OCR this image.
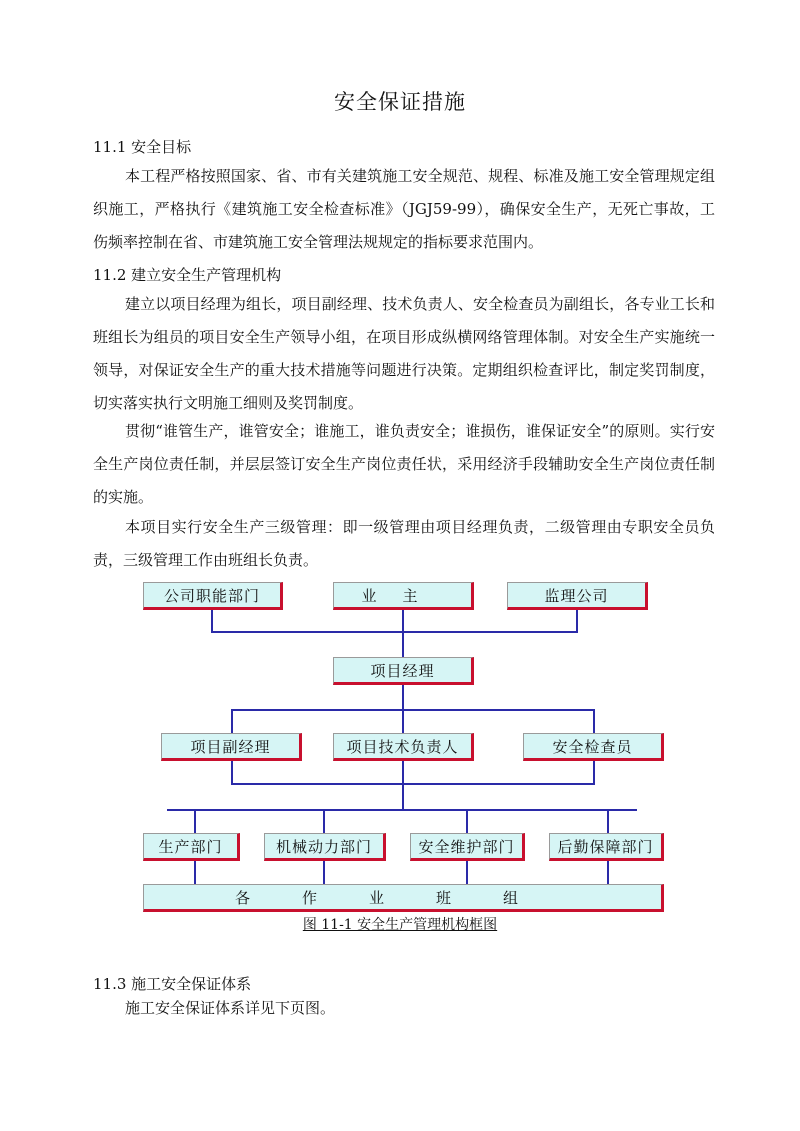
安全保证措施
11.1 安全目标
本工程严格按照国家、省、市有关建筑施工安全规范、规程、标准及施工安全管理规定组织施工，严格执行《建筑施工安全检查标准》（JGJ59-99），确保安全生产，无死亡事故，工伤频率控制在省、市建筑施工安全管理法规规定的指标要求范围内。
11.2 建立安全生产管理机构
建立以项目经理为组长，项目副经理、技术负责人、安全检查员为副组长，各专业工长和班组长为组员的项目安全生产领导小组，在项目形成纵横网络管理体制。对安全生产实施统一领导，对保证安全生产的重大技术措施等问题进行决策。定期组织检查评比，制定奖罚制度，切实落实执行文明施工细则及奖罚制度。
贯彻“谁管生产，谁管安全；谁施工，谁负责安全；谁损伤，谁保证安全”的原则。实行安全生产岗位责任制，并层层签订安全生产岗位责任状，采用经济手段辅助安全生产岗位责任制的实施。
本项目实行安全生产三级管理：即一级管理由项目经理负责，二级管理由专职安全员负责，三级管理工作由班组长负责。
公司职能部门	业主	监理公司
项目经理
项目副经理	项目技术负责人	安全检查员
生产部门	机械动力部门	安全维护部门	后勤保障部门
各作业班组
图 11-1 安全生产管理机构框图
11.3 施工安全保证体系
施工安全保证体系详见下页图。
